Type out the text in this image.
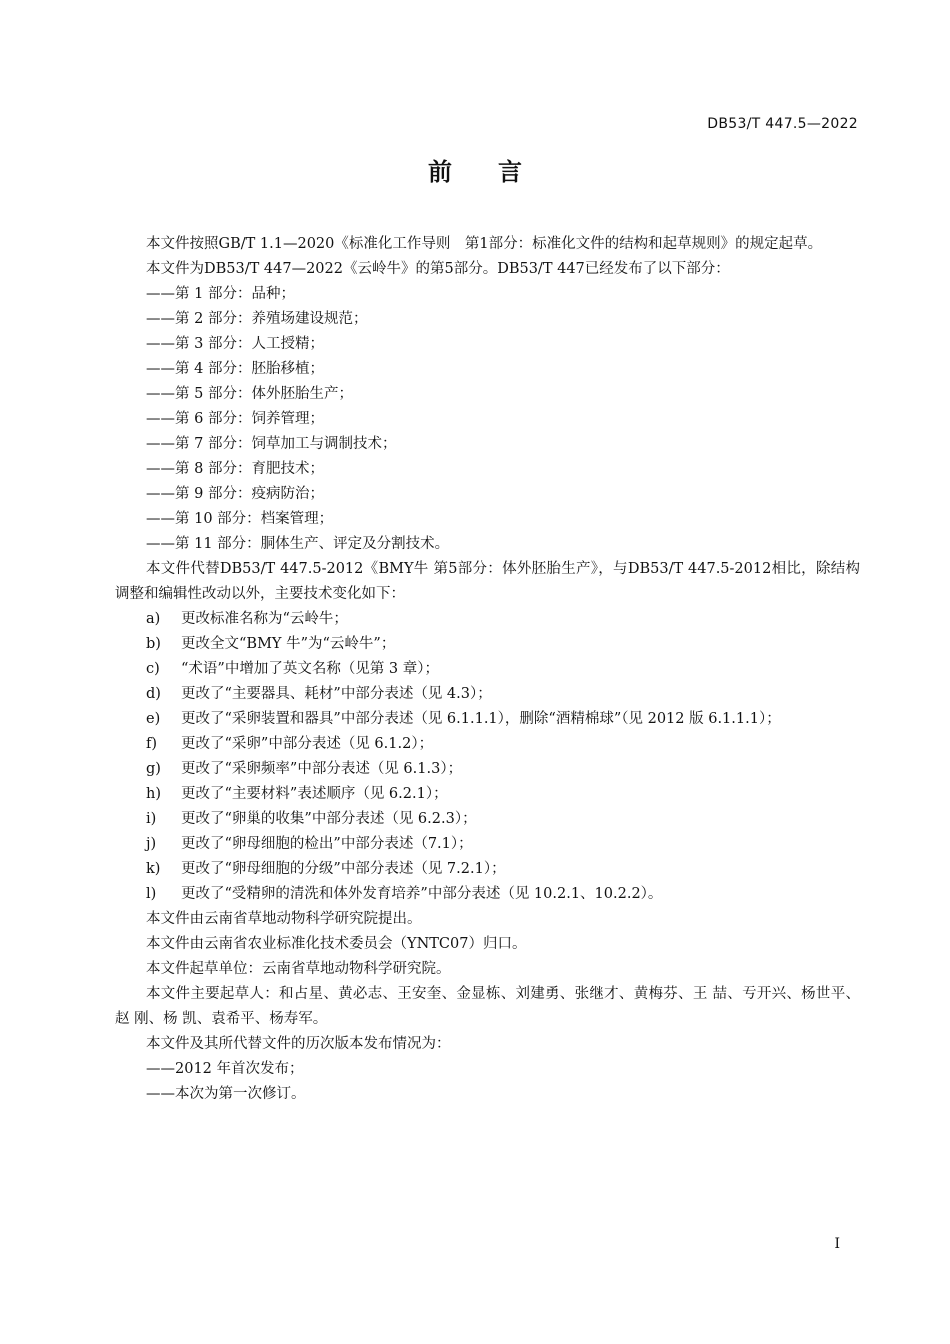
DB53/T 447.5—2022
前言

本文件按照GB/T 1.1—2020《标准化工作导则　第1部分：标准化文件的结构和起草规则》的规定起草。

本文件为DB53/T 447—2022《云岭牛》的第5部分。DB53/T 447已经发布了以下部分：

——第 1 部分：品种；

——第 2 部分：养殖场建设规范；

——第 3 部分：人工授精；

——第 4 部分：胚胎移植；

——第 5 部分：体外胚胎生产；

——第 6 部分：饲养管理；

——第 7 部分：饲草加工与调制技术；

——第 8 部分：育肥技术；

——第 9 部分：疫病防治；

——第 10 部分：档案管理；

——第 11 部分：胴体生产、评定及分割技术。

本文件代替DB53/T 447.5-2012《BMY牛 第5部分：体外胚胎生产》，与DB53/T 447.5-2012相比，除结构调整和编辑性改动以外，主要技术变化如下：

a)	更改标准名称为“云岭牛；
b)	更改全文“BMY 牛”为“云岭牛”；
c)	“术语”中增加了英文名称（见第 3 章）；
d)	更改了“主要器具、耗材”中部分表述（见 4.3）；
e)	更改了“采卵装置和器具”中部分表述（见 6.1.1.1），删除“酒精棉球”（见 2012 版 6.1.1.1）；
f)	更改了“采卵”中部分表述（见 6.1.2）；
g)	更改了“采卵频率”中部分表述（见 6.1.3）；
h)	更改了“主要材料”表述顺序（见 6.2.1）；
i)	更改了“卵巢的收集”中部分表述（见 6.2.3）；
j)	更改了“卵母细胞的检出”中部分表述（7.1）；
k)	更改了“卵母细胞的分级”中部分表述（见 7.2.1）；
l)	更改了“受精卵的清洗和体外发育培养”中部分表述（见 10.2.1、10.2.2）。

本文件由云南省草地动物科学研究院提出。

本文件由云南省农业标准化技术委员会（YNTC07）归口。

本文件起草单位：云南省草地动物科学研究院。

本文件主要起草人：和占星、黄必志、王安奎、金显栋、刘建勇、张继才、黄梅芬、王 喆、亐开兴、杨世平、赵 刚、杨 凯、袁希平、杨寿军。

本文件及其所代替文件的历次版本发布情况为：

——2012 年首次发布；

——本次为第一次修订。

I
